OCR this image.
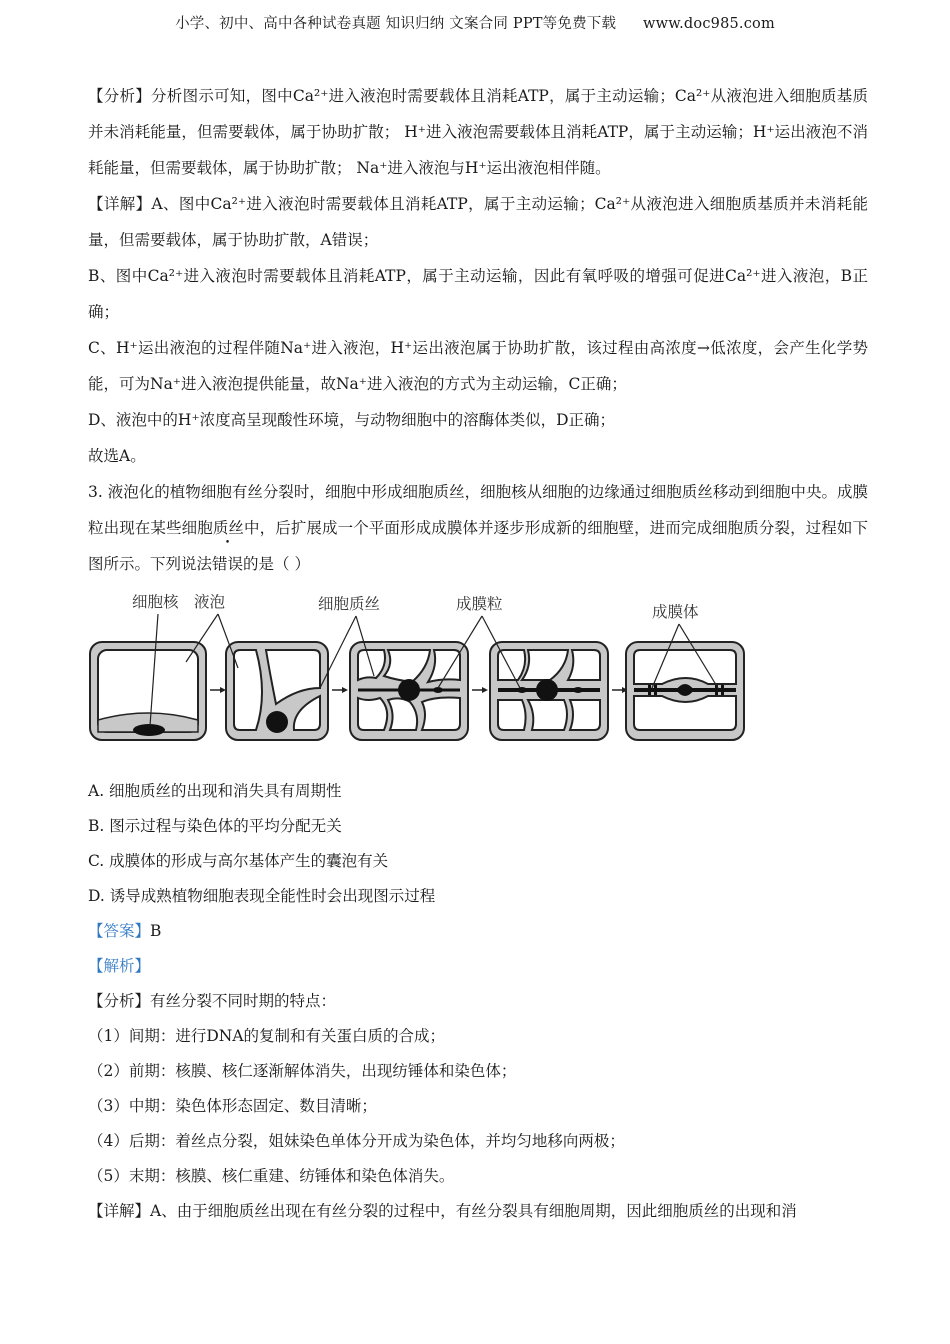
小学、初中、高中各种试卷真题 知识归纳 文案合同 PPT等免费下载 www.doc985.com

【分析】分析图示可知，图中Ca²⁺进入液泡时需要载体且消耗ATP，属于主动运输；Ca²⁺从液泡进入细胞质基质并未消耗能量，但需要载体，属于协助扩散； H⁺进入液泡需要载体且消耗ATP，属于主动运输；H⁺运出液泡不消耗能量，但需要载体，属于协助扩散； Na⁺进入液泡与H⁺运出液泡相伴随。

【详解】A、图中Ca²⁺进入液泡时需要载体且消耗ATP，属于主动运输；Ca²⁺从液泡进入细胞质基质并未消耗能量，但需要载体，属于协助扩散，A错误；

B、图中Ca²⁺进入液泡时需要载体且消耗ATP，属于主动运输，因此有氧呼吸的增强可促进Ca²⁺进入液泡，B正确；

C、H⁺运出液泡的过程伴随Na⁺进入液泡，H⁺运出液泡属于协助扩散，该过程由高浓度→低浓度，会产生化学势能，可为Na⁺进入液泡提供能量，故Na⁺进入液泡的方式为主动运输，C正确；

D、液泡中的H⁺浓度高呈现酸性环境，与动物细胞中的溶酶体类似，D正确；

故选A。

3. 液泡化的植物细胞有丝分裂时，细胞中形成细胞质丝，细胞核从细胞的边缘通过细胞质丝移动到细胞中央。成膜粒出现在某些细胞质丝中，后扩展成一个平面形成成膜体并逐步形成新的细胞壁，进而完成细胞质分裂，过程如下图所示。下列说法错误的是（ ）

细胞核 液泡	细胞质丝	成膜粒	成膜体

A. 细胞质丝的出现和消失具有周期性

B. 图示过程与染色体的平均分配无关

C. 成膜体的形成与高尔基体产生的囊泡有关

D. 诱导成熟植物细胞表现全能性时会出现图示过程

【答案】B

【解析】

【分析】有丝分裂不同时期的特点：

（1）间期：进行DNA的复制和有关蛋白质的合成；

（2）前期：核膜、核仁逐渐解体消失，出现纺锤体和染色体；

（3）中期：染色体形态固定、数目清晰；

（4）后期：着丝点分裂，姐妹染色单体分开成为染色体，并均匀地移向两极；

（5）末期：核膜、核仁重建、纺锤体和染色体消失。

【详解】A、由于细胞质丝出现在有丝分裂的过程中，有丝分裂具有细胞周期，因此细胞质丝的出现和消
